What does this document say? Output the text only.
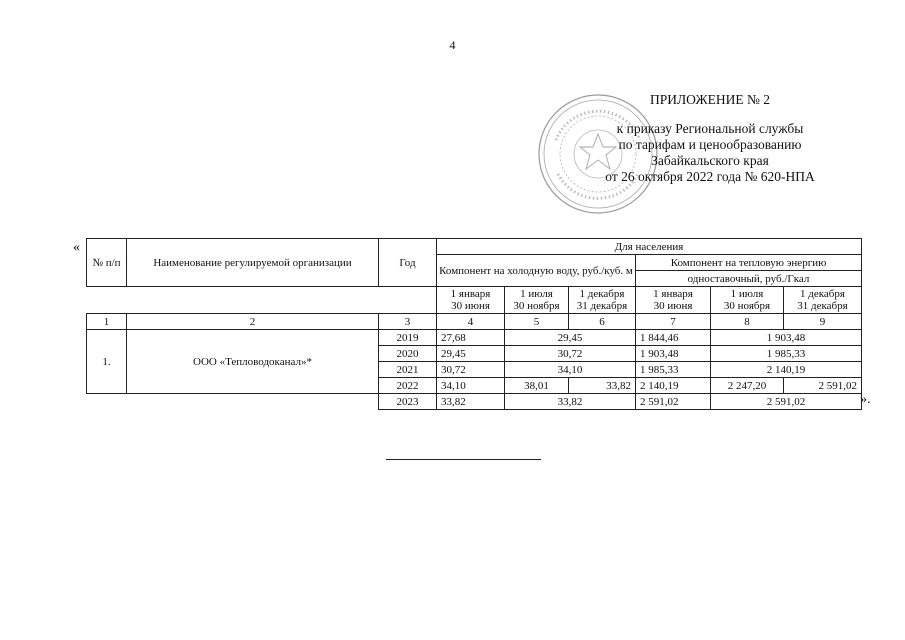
4
ПРИЛОЖЕНИЕ № 2
к приказу Региональной службы
по тарифам и ценообразованию
Забайкальского края
от 26 октября 2022 года № 620-НПА
«
№ п/п	Наименование регулируемой организации	Год	Для населения					
			Компонент на холодную воду, руб./куб. м			Компонент на тепловую энергию		
						одноставочный, руб./Гкал		
			1 января
30 июня	1 июля
30 ноября	1 декабря
31 декабря	1 января
30 июня	1 июля
30 ноября	1 декабря
31 декабря
1	2	3	4	5	6	7	8	9
1.	ООО «Тепловодоканал»*	2019	27,68	29,45		1 844,46	1 903,48	
		2020	29,45	30,72		1 903,48	1 985,33	
		2021	30,72	34,10		1 985,33	2 140,19	
		2022	34,10	38,01	33,82	2 140,19	2 247,20	2 591,02
		2023	33,82	33,82		2 591,02	2 591,02		».
